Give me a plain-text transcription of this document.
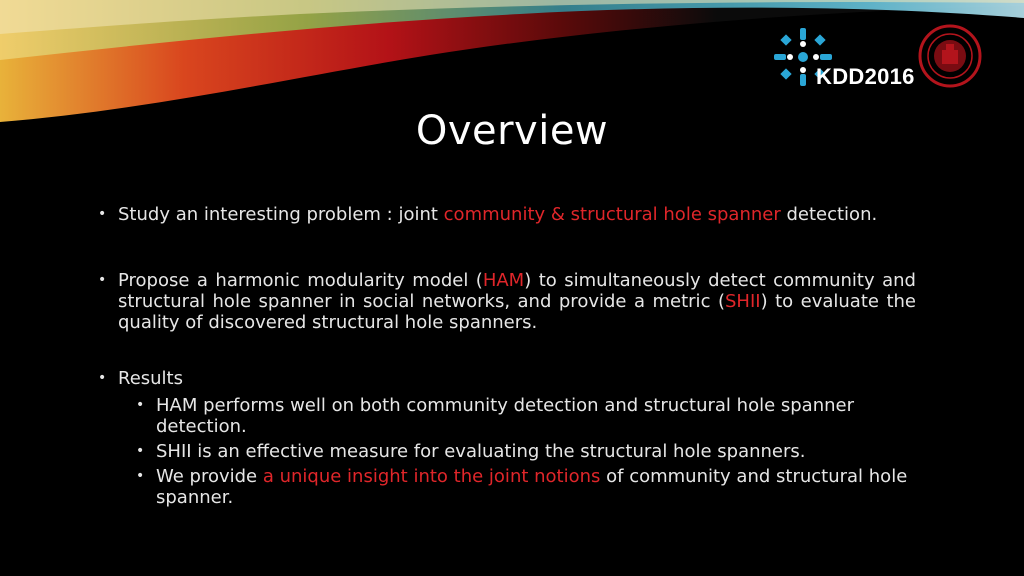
KDD2016
Overview
• Study an interesting problem : joint community & structural hole spanner detection.
• Propose a harmonic modularity model (HAM) to simultaneously detect community and structural hole spanner in social networks, and provide a metric (SHII) to evaluate the quality of discovered structural hole spanners.
• Results
• HAM performs well on both community detection and structural hole spanner detection.
• SHII is an effective measure for evaluating the structural hole spanners.
• We provide a unique insight into the joint notions of community and structural hole spanner.
